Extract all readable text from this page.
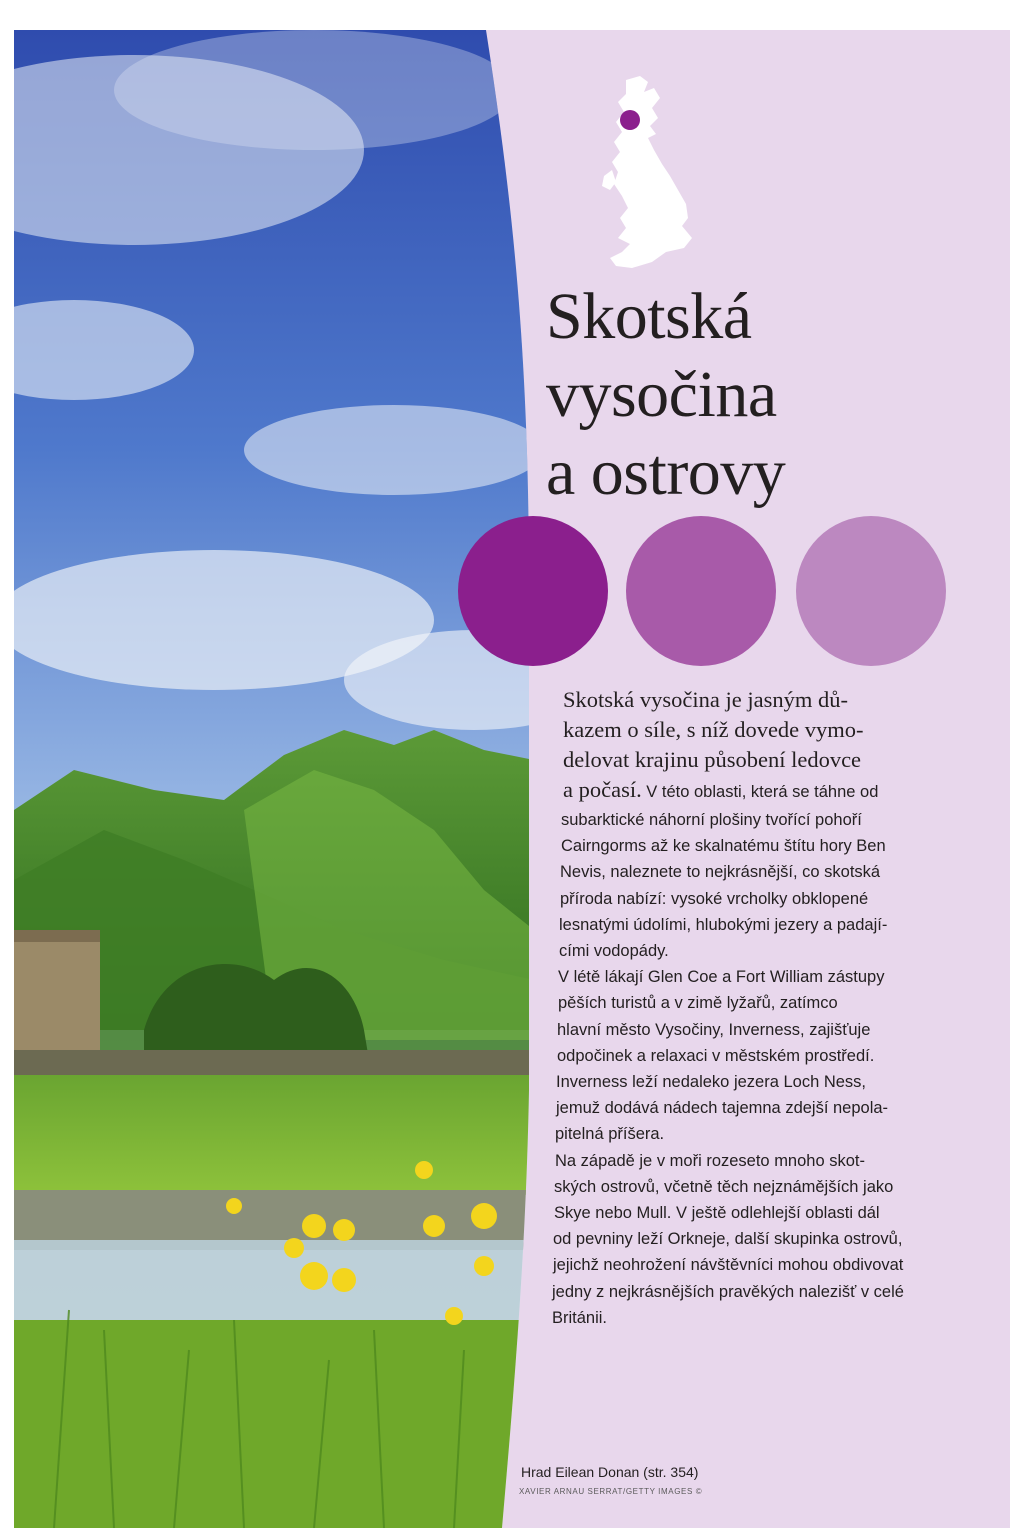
Skotská
vysočina
a ostrovy
Skotská vysočina je jasným dů-
kazem o síle, s níž dovede vymo-
delovat krajinu působení ledovce
a počasí. V této oblasti, která se táhne od
subarktické náhorní plošiny tvořící pohoří
Cairngorms až ke skalnatému štítu hory Ben
Nevis, naleznete to nejkrásnější, co skotská
příroda nabízí: vysoké vrcholky obklopené
lesnatými údolími, hlubokými jezery a padají-
cími vodopády.
V létě lákají Glen Coe a Fort William zástupy
pěších turistů a v zimě lyžařů, zatímco
hlavní město Vysočiny, Inverness, zajišťuje
odpočinek a relaxaci v městském prostředí.
Inverness leží nedaleko jezera Loch Ness,
jemuž dodává nádech tajemna zdejší nepola-
pitelná příšera.
Na západě je v moři rozeseto mnoho skot-
ských ostrovů, včetně těch nejznámějších jako
Skye nebo Mull. V ještě odlehlejší oblasti dál
od pevniny leží Orkneje, další skupinka ostrovů,
jejichž neohrožení návštěvníci mohou obdivovat
jedny z nejkrásnějších pravěkých nalezišť v celé
Británii.
Hrad Eilean Donan (str. 354)
XAVIER ARNAU SERRAT/GETTY IMAGES ©
